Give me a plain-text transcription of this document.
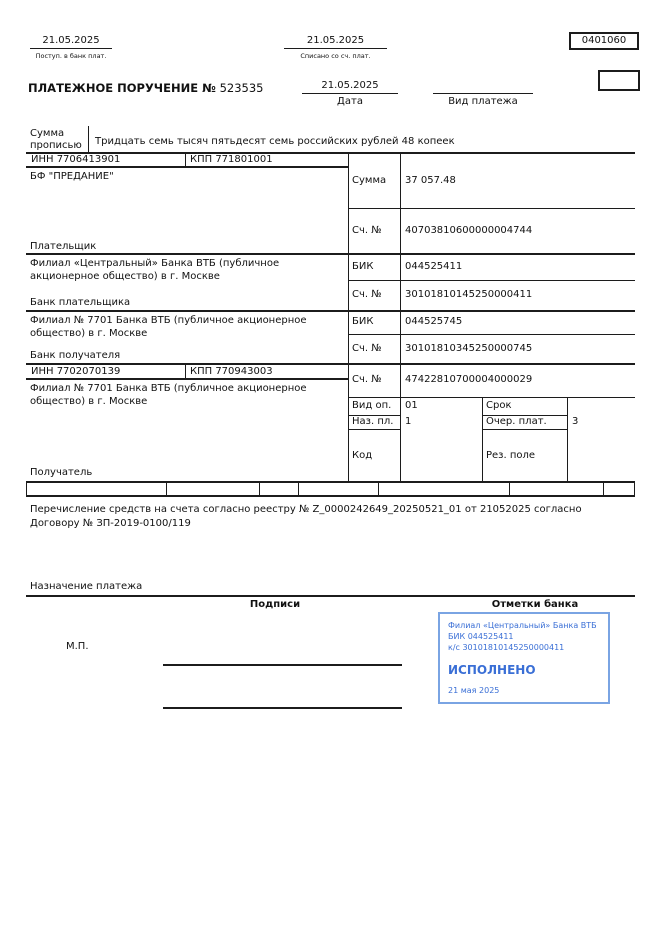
21.05.2025
Поступ. в банк плат.
21.05.2025
Списано со сч. плат.
0401060
ПЛАТЕЖНОЕ ПОРУЧЕНИЕ № 523535	21.05.2025
Дата	Вид платежа
Сумма прописью	Тридцать семь тысяч пятьдесят семь российских рублей 48 копеек
ИНН 7706413901	КПП 771801001
БФ "ПРЕДАНИЕ"
Плательщик
Сумма 37 057.48
Сч. № 40703810600000004744
Филиал «Центральный» Банка ВТБ (публичное акционерное общество) в г. Москве
Банк плательщика
БИК	044525411
Сч. № 30101810145250000411
Филиал № 7701 Банка ВТБ (публичное акционерное общество) в г. Москве
Банк получателя
БИК	044525745
Сч. № 30101810345250000745
ИНН 7702070139	КПП 770943003
Филиал № 7701 Банка ВТБ (публичное акционерное общество) в г. Москве
Получатель
Сч. № 47422810700004000029
Вид оп. 01	Срок
Наз. пл. 1	Очер. плат.	3
Код	Рез. поле
Перечисление средств на счета согласно реестру № Z_0000242649_20250521_01 от 21052025 согласно Договору № ЗП-2019-0100/119
Назначение платежа
Подписи	Отметки банка
М.П.
Филиал «Центральный» Банка ВТБ
БИК 044525411
к/с 30101810145250000411
ИСПОЛНЕНО
21 мая 2025
